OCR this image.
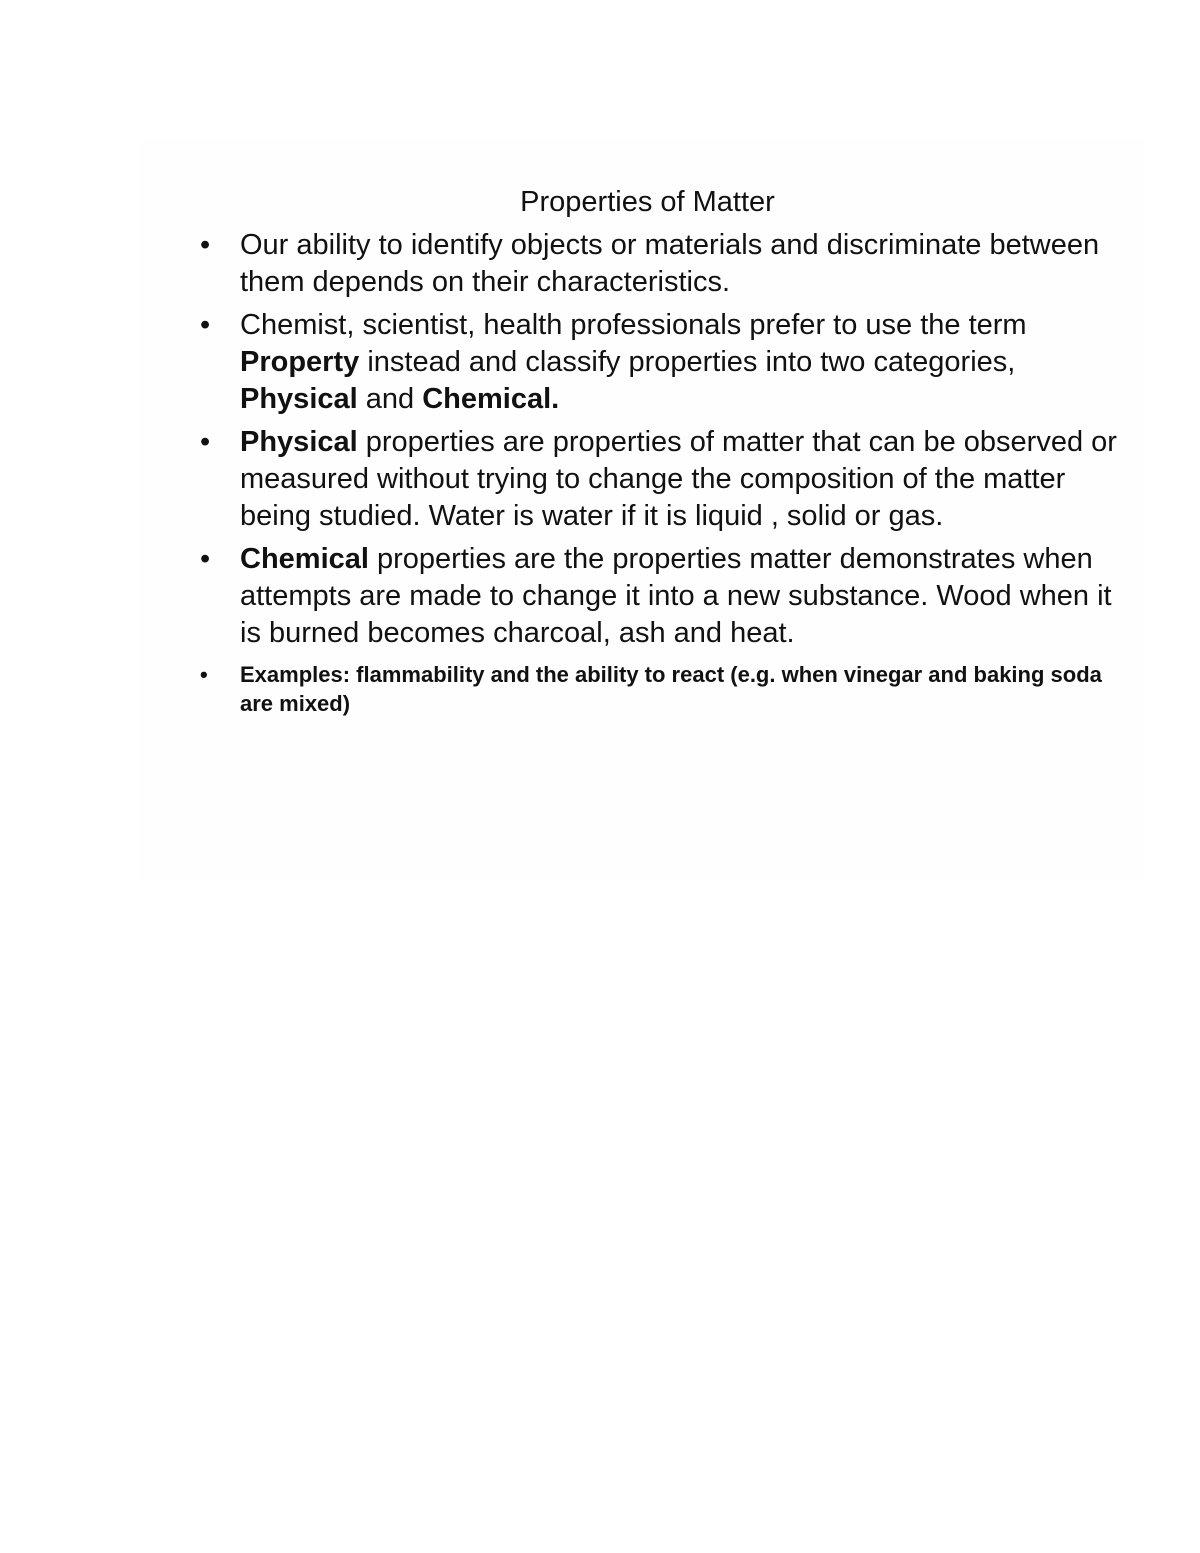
Properties of Matter
•	Our ability to identify objects or materials and discriminate between them depends on their characteristics.
•	Chemist, scientist, health professionals prefer to use the term Property instead and classify properties into two categories, Physical and Chemical.
•	Physical properties are properties of matter that can be observed or measured without trying to change the composition of the matter being studied. Water is water if it is liquid , solid or gas.
•	Chemical properties are the properties matter demonstrates when attempts are made to change it into a new substance. Wood when it is burned becomes charcoal, ash and heat.
•	Examples: flammability and the ability to react (e.g. when vinegar and baking soda are mixed)
